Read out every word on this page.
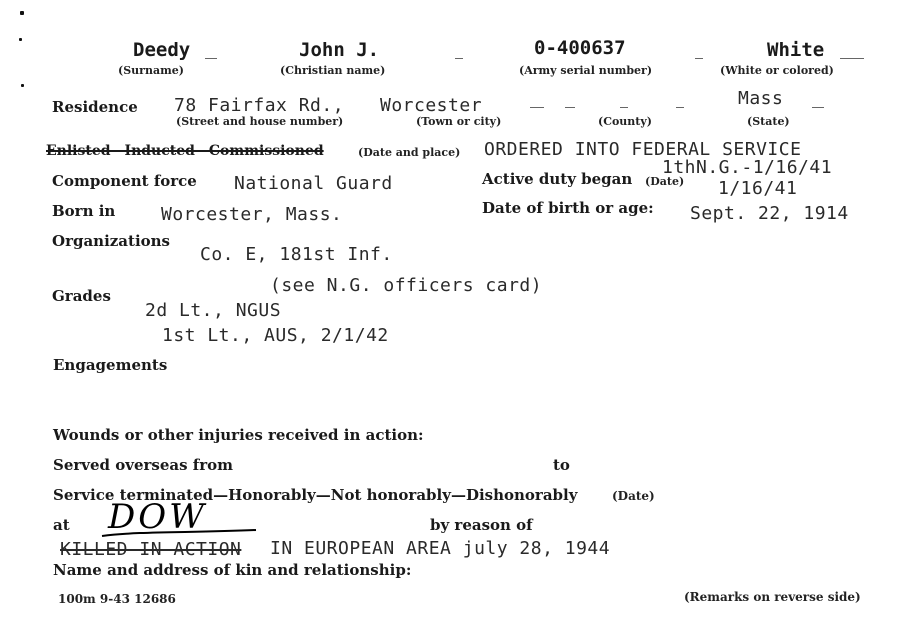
Deedy	John J.	0-400637	White
(Surname)	(Christian name)	(Army serial number)	(White or colored)
Residence 78 Fairfax Rd., Worcester	Mass
(Street and house number)	(Town or city)	(County)	(State)
Enlisted—Inducted—Commissioned	(Date and place) ORDERED INTO FEDERAL SERVICE
1thN.G.-1/16/41
Component force National Guard	Active duty began (Date) 1/16/41
Born in	Worcester, Mass.	Date of birth or age: Sept. 22, 1914
Organizations
Co. E, 181st Inf.
(see N.G. officers card)
Grades
2d Lt., NGUS
1st Lt., AUS, 2/1/42
Engagements
Wounds or other injuries received in action:
Served overseas from	to
Service terminated—Honorably—Not honorably—Dishonorably	(Date)
at DOW	by reason of
KILLED IN ACTION IN EUROPEAN AREA july 28, 1944
Name and address of kin and relationship:
100m 9-43 12686	(Remarks on reverse side)
